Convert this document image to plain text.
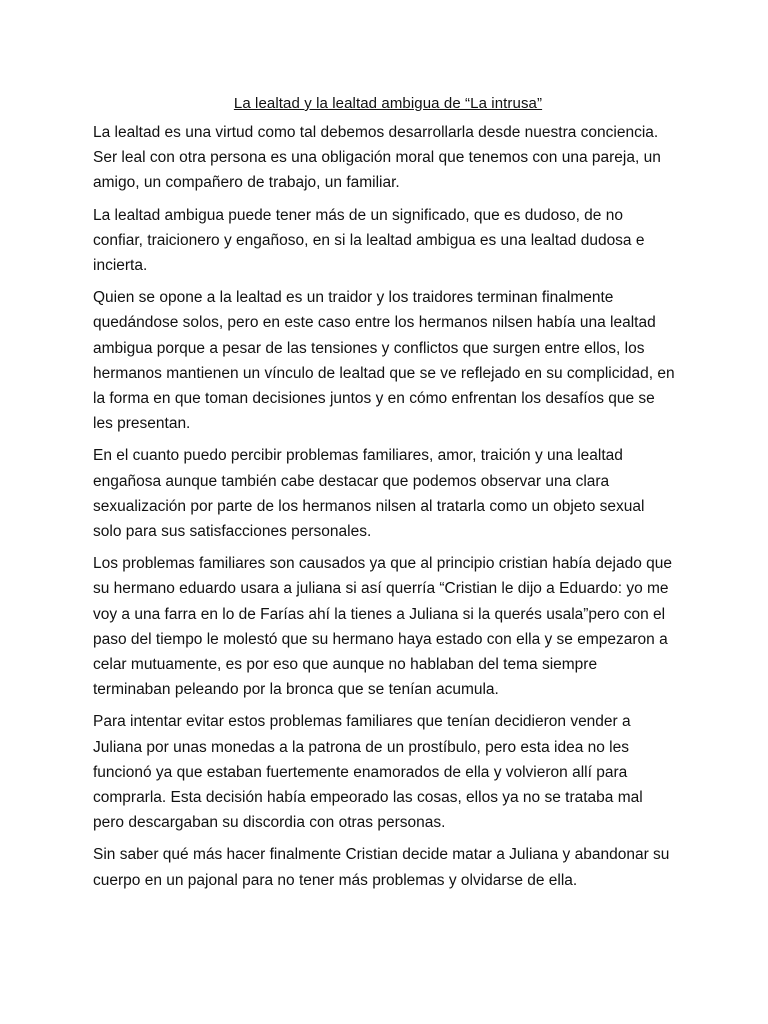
La lealtad y la lealtad ambigua de “La intrusa”

La lealtad es una virtud como tal debemos desarrollarla desde nuestra conciencia.
Ser leal con otra persona es una obligación moral que tenemos con una pareja, un
amigo, un compañero de trabajo, un familiar.

La lealtad ambigua puede tener más de un significado, que es dudoso, de no
confiar, traicionero y engañoso, en si la lealtad ambigua es una lealtad dudosa e
incierta.

Quien se opone a la lealtad es un traidor y los traidores terminan finalmente
quedándose solos, pero en este caso entre los hermanos nilsen había una lealtad
ambigua porque a pesar de las tensiones y conflictos que surgen entre ellos, los
hermanos mantienen un vínculo de lealtad que se ve reflejado en su complicidad, en
la forma en que toman decisiones juntos y en cómo enfrentan los desafíos que se
les presentan.

En el cuanto puedo percibir problemas familiares, amor, traición y una lealtad
engañosa aunque también cabe destacar que podemos observar una clara
sexualización por parte de los hermanos nilsen al tratarla como un objeto sexual
solo para sus satisfacciones personales.

Los problemas familiares son causados ya que al principio cristian había dejado que
su hermano eduardo usara a juliana si así querría “Cristian le dijo a Eduardo: yo me
voy a una farra en lo de Farías ahí la tienes a Juliana si la querés usala”pero con el
paso del tiempo le molestó que su hermano haya estado con ella y se empezaron a
celar mutuamente, es por eso que aunque no hablaban del tema siempre
terminaban peleando por la bronca que se tenían acumula.

Para intentar evitar estos problemas familiares que tenían decidieron vender a
Juliana por unas monedas a la patrona de un prostíbulo, pero esta idea no les
funcionó ya que estaban fuertemente enamorados de ella y volvieron allí para
comprarla. Esta decisión había empeorado las cosas, ellos ya no se trataba mal
pero descargaban su discordia con otras personas.

Sin saber qué más hacer finalmente Cristian decide matar a Juliana y abandonar su
cuerpo en un pajonal para no tener más problemas y olvidarse de ella.
